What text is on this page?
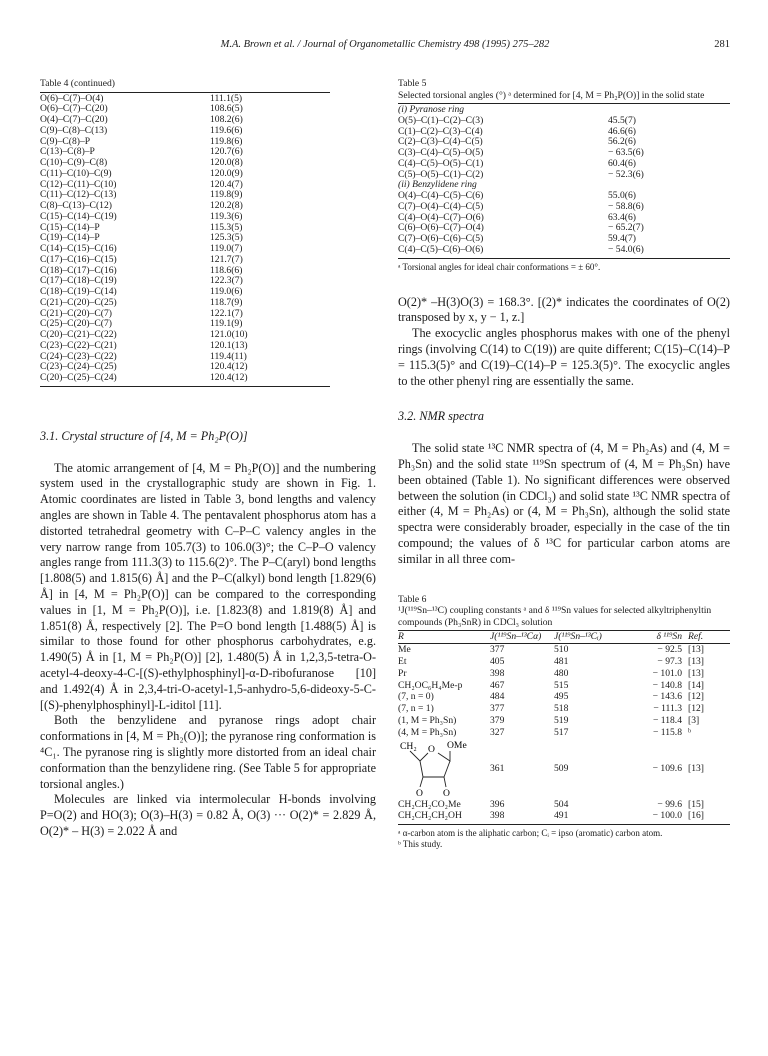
M.A. Brown et al. / Journal of Organometallic Chemistry 498 (1995) 275–282	281
Table 4 (continued)
O(6)–C(7)–O(4)	111.1(5)
O(6)–C(7)–C(20)	108.6(5)
O(4)–C(7)–C(20)	108.2(6)
C(9)–C(8)–C(13)	119.6(6)
C(9)–C(8)–P	119.8(6)
C(13)–C(8)–P	120.7(6)
C(10)–C(9)–C(8)	120.0(8)
C(11)–C(10)–C(9)	120.0(9)
C(12)–C(11)–C(10)	120.4(7)
C(11)–C(12)–C(13)	119.8(9)
C(8)–C(13)–C(12)	120.2(8)
C(15)–C(14)–C(19)	119.3(6)
C(15)–C(14)–P	115.3(5)
C(19)–C(14)–P	125.3(5)
C(14)–C(15)–C(16)	119.0(7)
C(17)–C(16)–C(15)	121.7(7)
C(18)–C(17)–C(16)	118.6(6)
C(17)–C(18)–C(19)	122.3(7)
C(18)–C(19)–C(14)	119.0(6)
C(21)–C(20)–C(25)	118.7(9)
C(21)–C(20)–C(7)	122.1(7)
C(25)–C(20)–C(7)	119.1(9)
C(20)–C(21)–C(22)	121.0(10)
C(23)–C(22)–C(21)	120.1(13)
C(24)–C(23)–C(22)	119.4(11)
C(23)–C(24)–C(25)	120.4(12)
C(20)–C(25)–C(24)	120.4(12)
3.1. Crystal structure of [4, M = Ph₂P(O)]

The atomic arrangement of [4, M = Ph₂P(O)] and the numbering system used in the crystallographic study are shown in Fig. 1. Atomic coordinates are listed in Table 3, bond lengths and valency angles are shown in Table 4. The pentavalent phosphorus atom has a distorted tetrahedral geometry with C–P–C valency angles in the very narrow range from 105.7(3) to 106.0(3)°; the C–P–O valency angles range from 111.3(3) to 115.6(2)°. The P–C(aryl) bond lengths [1.808(5) and 1.815(6) Å] and the P–C(alkyl) bond length [1.829(6) Å] in [4, M = Ph₂P(O)] can be compared to the corresponding values in [1, M = Ph₂P(O)], i.e. [1.823(8) and 1.819(8) Å] and 1.851(8) Å, respectively [2]. The P=O bond length [1.488(5) Å] is similar to those found for other phosphorus carbohydrates, e.g. 1.490(5) Å in [1, M = Ph₂P(O)] [2], 1.480(5) Å in 1,2,3,5-tetra-O-acetyl-4-deoxy-4-C-[(S)-ethylphosphinyl]-α-D-ribofuranose [10] and 1.492(4) Å in 2,3,4-tri-O-acetyl-1,5-anhydro-5,6-dideoxy-5-C-[(S)-phenylphosphinyl]-L-iditol [11].

Both the benzylidene and pyranose rings adopt chair conformations in [4, M = Ph₂(O)]; the pyranose ring conformation is ⁴C₁. The pyranose ring is slightly more distorted from an ideal chair conformation than the benzylidene ring. (See Table 5 for appropriate torsional angles.)

Molecules are linked via intermolecular H-bonds involving P=O(2) and HO(3); O(3)–H(3) = 0.82 Å, O(3) ··· O(2)* = 2.829 Å, O(2)* – H(3) = 2.022 Å and

Table 5
Selected torsional angles (°) ᵃ determined for [4, M = Ph₂P(O)] in the solid state
(i) Pyranose ring
O(5)–C(1)–C(2)–C(3)	45.5(7)
C(1)–C(2)–C(3)–C(4)	46.6(6)
C(2)–C(3)–C(4)–C(5)	56.2(6)
C(3)–C(4)–C(5)–O(5)	− 63.5(6)
C(4)–C(5)–O(5)–C(1)	60.4(6)
C(5)–O(5)–C(1)–C(2)	− 52.3(6)
(ii) Benzylidene ring
O(4)–C(4)–C(5)–C(6)	55.0(6)
C(7)–O(4)–C(4)–C(5)	− 58.8(6)
C(4)–O(4)–C(7)–O(6)	63.4(6)
C(6)–O(6)–C(7)–O(4)	− 65.2(7)
C(7)–O(6)–C(6)–C(5)	59.4(7)
C(4)–C(5)–C(6)–O(6)	− 54.0(6)
ᵃ Torsional angles for ideal chair conformations = ± 60°.

O(2)* –H(3)O(3) = 168.3°. [(2)* indicates the coordinates of O(2) transposed by x, y − 1, z.]

The exocyclic angles phosphorus makes with one of the phenyl rings (involving C(14) to C(19)) are quite different; C(15)–C(14)–P = 115.3(5)° and C(19)–C(14)–P = 125.3(5)°. The exocyclic angles to the other phenyl ring are essentially the same.

3.2. NMR spectra

The solid state ¹³C NMR spectra of (4, M = Ph₂As) and (4, M = Ph₃Sn) and the solid state ¹¹⁹Sn spectrum of (4, M = Ph₃Sn) have been obtained (Table 1). No significant differences were observed between the solution (in CDCl₃) and solid state ¹³C NMR spectra of either (4, M = Ph₂As) or (4, M = Ph₃Sn), although the solid state spectra were considerably broader, especially in the case of the tin compound; the values of δ ¹³C for particular carbon atoms are similar in all three com-

Table 6
¹J(¹¹⁹Sn–¹³C) coupling constants ᵃ and δ ¹¹⁹Sn values for selected alkyltriphenyltin compounds (Ph₃SnR) in CDCl₃ solution
R	J(¹¹⁹Sn–¹³Cα)	J(¹¹⁹Sn–¹³Cᵢ)	δ ¹¹⁹Sn Ref.
Me	377	510	− 92.5 [13]
Et	405	481	− 97.3 [13]
Pr	398	480	− 101.0 [13]
CH₂OC₆H₄Me-p	467	515	− 140.8 [14]
(7, n = 0)	484	495	− 143.6 [12]
(7, n = 1)	377	518	− 111.3 [12]
(1, M = Ph₃Sn)	379	519	− 118.4 [3]
(4, M = Ph₃Sn)	327	517	− 115.8 ᵇ
CH₂ O OMe
O O
361	509	− 109.6 [13]
CH₂CH₂CO₂Me	396	504	− 99.6 [15]
CH₂CH₂CH₂OH	398	491	− 100.0 [16]
ᵃ α-carbon atom is the aliphatic carbon; Cᵢ = ipso (aromatic) carbon atom.
ᵇ This study.
